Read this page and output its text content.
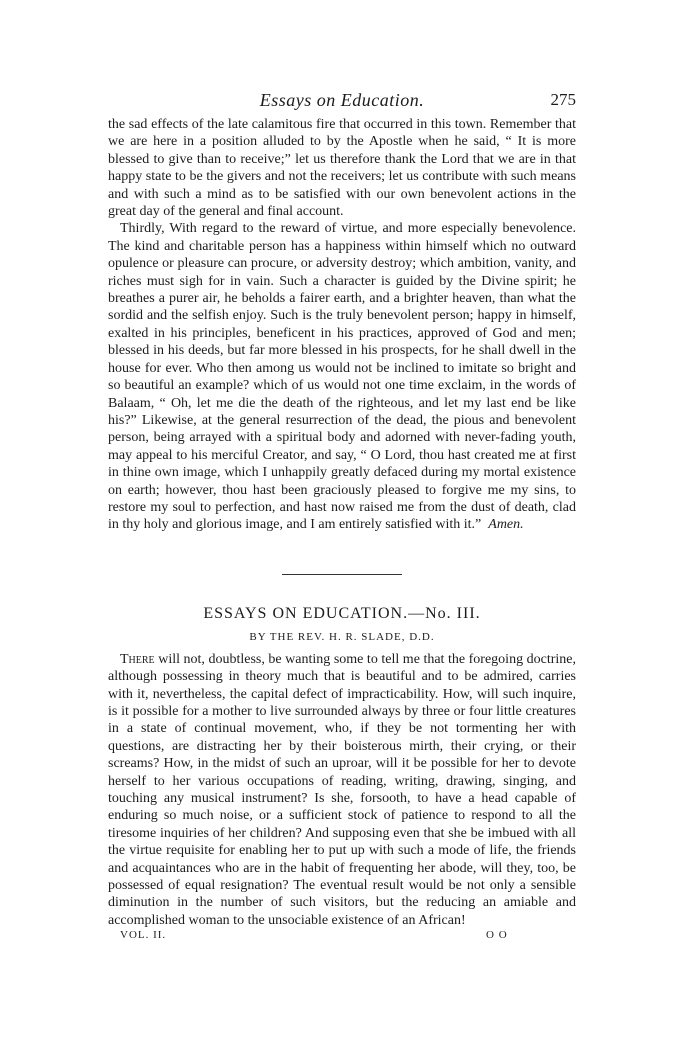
Essays on Education.	275

the sad effects of the late calamitous fire that occurred in this town. Remember that we are here in a position alluded to by the Apostle when he said, “ It is more blessed to give than to receive;” let us therefore thank the Lord that we are in that happy state to be the givers and not the receivers; let us contribute with such means and with such a mind as to be satisfied with our own benevolent actions in the great day of the general and final account.

Thirdly, With regard to the reward of virtue, and more especially benevolence. The kind and charitable person has a happiness within himself which no outward opulence or pleasure can procure, or adversity destroy; which ambition, vanity, and riches must sigh for in vain. Such a character is guided by the Divine spirit; he breathes a purer air, he beholds a fairer earth, and a brighter heaven, than what the sordid and the selfish enjoy. Such is the truly benevolent person; happy in himself, exalted in his principles, beneficent in his practices, approved of God and men; blessed in his deeds, but far more blessed in his prospects, for he shall dwell in the house for ever. Who then among us would not be inclined to imitate so bright and so beautiful an example? which of us would not one time exclaim, in the words of Balaam, “ Oh, let me die the death of the righteous, and let my last end be like his?” Likewise, at the general resurrection of the dead, the pious and benevolent person, being arrayed with a spiritual body and adorned with never-fading youth, may appeal to his merciful Creator, and say, “ O Lord, thou hast created me at first in thine own image, which I unhappily greatly defaced during my mortal existence on earth; however, thou hast been graciously pleased to forgive me my sins, to restore my soul to perfection, and hast now raised me from the dust of death, clad in thy holy and glorious image, and I am entirely satisfied with it.” Amen.

ESSAYS ON EDUCATION.—No. III.
BY THE REV. H. R. SLADE, D.D.

There will not, doubtless, be wanting some to tell me that the foregoing doctrine, although possessing in theory much that is beautiful and to be admired, carries with it, nevertheless, the capital defect of impracticability. How, will such inquire, is it possible for a mother to live surrounded always by three or four little creatures in a state of continual movement, who, if they be not tormenting her with questions, are distracting her by their boisterous mirth, their crying, or their screams? How, in the midst of such an uproar, will it be possible for her to devote herself to her various occupations of reading, writing, drawing, singing, and touching any musical instrument? Is she, forsooth, to have a head capable of enduring so much noise, or a sufficient stock of patience to respond to all the tiresome inquiries of her children? And supposing even that she be imbued with all the virtue requisite for enabling her to put up with such a mode of life, the friends and acquaintances who are in the habit of frequenting her abode, will they, too, be possessed of equal resignation? The eventual result would be not only a sensible diminution in the number of such visitors, but the reducing an amiable and accomplished woman to the unsociable existence of an African!

VOL. II.	O O
